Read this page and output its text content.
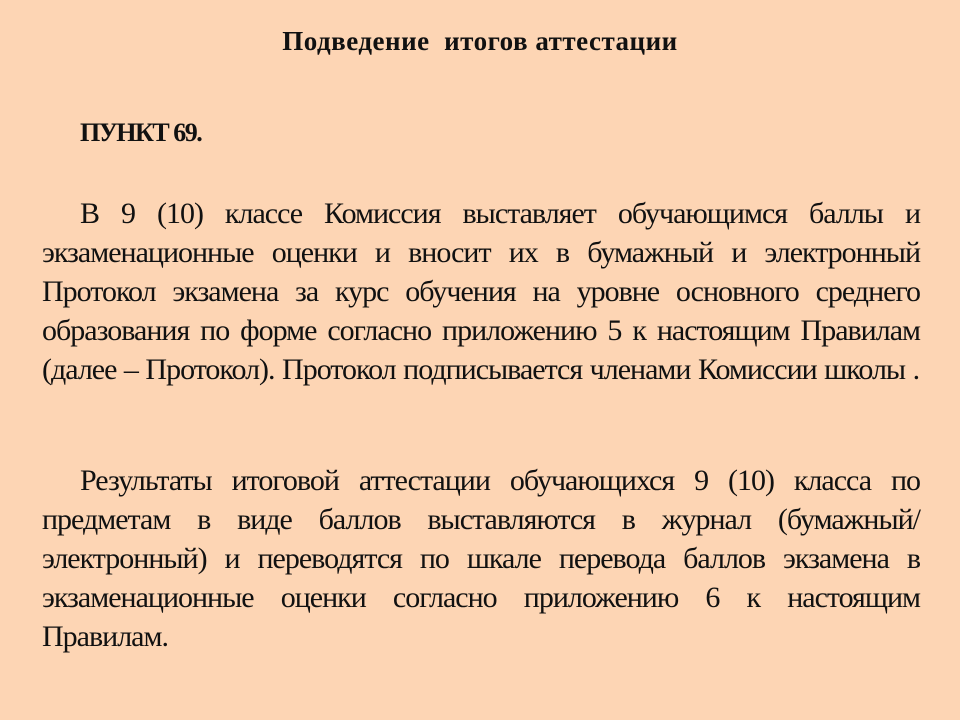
Подведение  итогов аттестации

ПУНКТ 69.

В 9 (10) классе Комиссия выставляет обучающимся баллы и экзаменационные оценки и вносит их в бумажный и электронный Протокол экзамена за курс обучения на уровне основного среднего образования по форме согласно приложению 5 к настоящим Правилам (далее – Протокол). Протокол подписывается членами Комиссии школы .

Результаты итоговой аттестации обучающихся 9 (10) класса по предметам в виде баллов выставляются в журнал (бумажный/электронный) и переводятся по шкале перевода баллов экзамена в экзаменационные оценки согласно приложению 6 к настоящим Правилам.
